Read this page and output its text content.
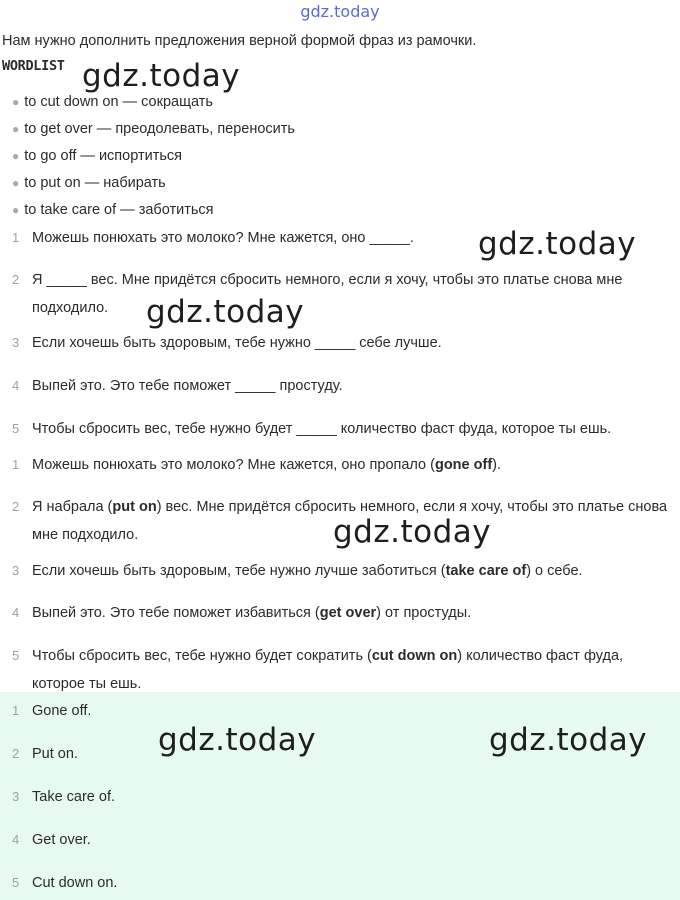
gdz.today
Нам нужно дополнить предложения верной формой фраз из рамочки.
WORDLIST
● to cut down on — сокращать
● to get over — преодолевать, переносить
● to go off — испортиться
● to put on — набирать
● to take care of — заботиться
1 Можешь понюхать это молоко? Мне кажется, оно _____.
2 Я _____ вес. Мне придётся сбросить немного, если я хочу, чтобы это платье снова мне подходило.
3 Если хочешь быть здоровым, тебе нужно _____ себе лучше.
4 Выпей это. Это тебе поможет _____ простуду.
5 Чтобы сбросить вес, тебе нужно будет _____ количество фаст фуда, которое ты ешь.
1 Можешь понюхать это молоко? Мне кажется, оно пропало (gone off).
2 Я набрала (put on) вес. Мне придётся сбросить немного, если я хочу, чтобы это платье снова мне подходило.
3 Если хочешь быть здоровым, тебе нужно лучше заботиться (take care of) о себе.
4 Выпей это. Это тебе поможет избавиться (get over) от простуды.
5 Чтобы сбросить вес, тебе нужно будет сократить (cut down on) количество фаст фуда, которое ты ешь.
1 Gone off.
2 Put on.
3 Take care of.
4 Get over.
5 Cut down on.
gdz.today
gdz.today
gdz.today
gdz.today
gdz.today	gdz.today
